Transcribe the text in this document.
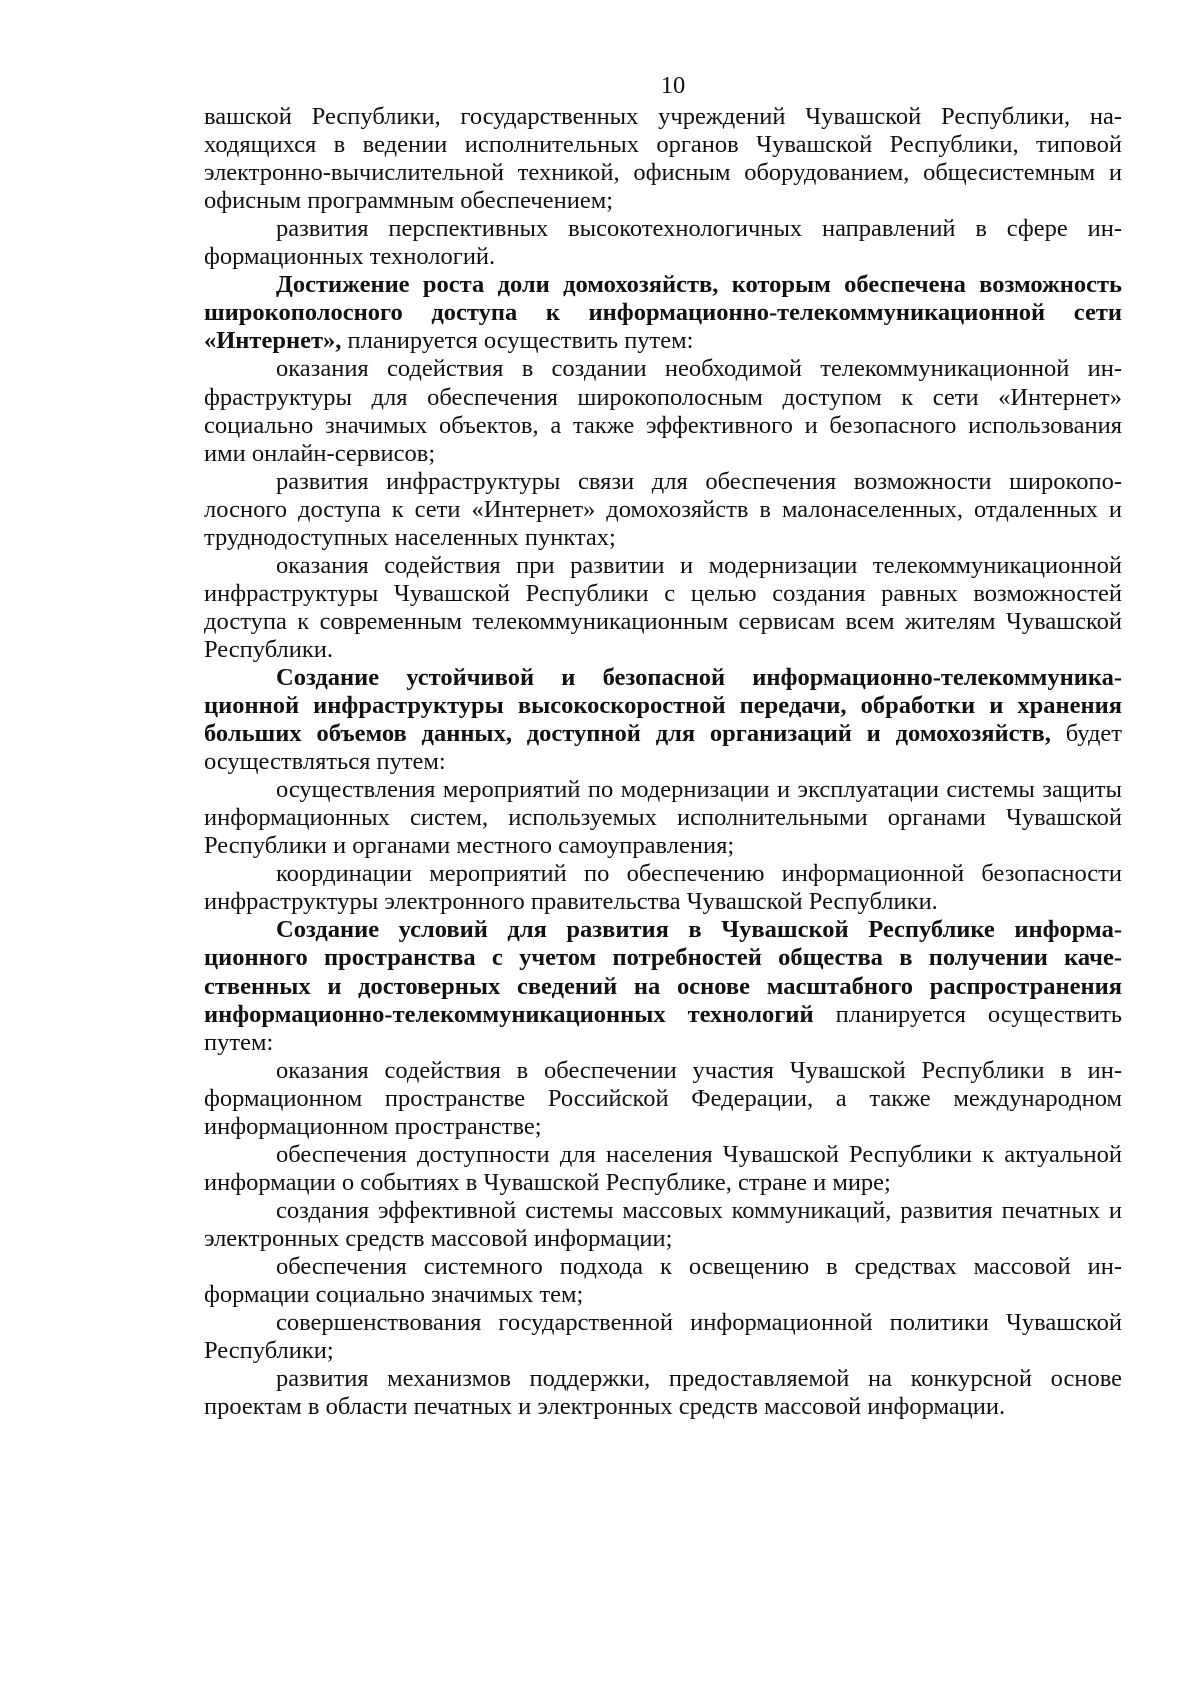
10

вашской Республики, государственных учреждений Чувашской Республики, находящихся в ведении исполнительных органов Чувашской Республики, типовой электронно-вычислительной техникой, офисным оборудованием, общесистемным и офисным программным обеспечением;

развития перспективных высокотехнологичных направлений в сфере информационных технологий.

Достижение роста доли домохозяйств, которым обеспечена возможность широкополосного доступа к информационно-телекоммуникационной сети «Интернет», планируется осуществить путем:

оказания содействия в создании необходимой телекоммуникационной инфраструктуры для обеспечения широкополосным доступом к сети «Интернет» социально значимых объектов, а также эффективного и безопасного использования ими онлайн-сервисов;

развития инфраструктуры связи для обеспечения возможности широкополосного доступа к сети «Интернет» домохозяйств в малонаселенных, отдаленных и труднодоступных населенных пунктах;

оказания содействия при развитии и модернизации телекоммуникационной инфраструктуры Чувашской Республики с целью создания равных возможностей доступа к современным телекоммуникационным сервисам всем жителям Чувашской Республики.

Создание устойчивой и безопасной информационно-телекоммуникационной инфраструктуры высокоскоростной передачи, обработки и хранения больших объемов данных, доступной для организаций и домохозяйств, будет осуществляться путем:

осуществления мероприятий по модернизации и эксплуатации системы защиты информационных систем, используемых исполнительными органами Чувашской Республики и органами местного самоуправления;

координации мероприятий по обеспечению информационной безопасности инфраструктуры электронного правительства Чувашской Республики.

Создание условий для развития в Чувашской Республике информационного пространства с учетом потребностей общества в получении качественных и достоверных сведений на основе масштабного распространения информационно-телекоммуникационных технологий планируется осуществить путем:

оказания содействия в обеспечении участия Чувашской Республики в информационном пространстве Российской Федерации, а также международном информационном пространстве;

обеспечения доступности для населения Чувашской Республики к актуальной информации о событиях в Чувашской Республике, стране и мире;

создания эффективной системы массовых коммуникаций, развития печатных и электронных средств массовой информации;

обеспечения системного подхода к освещению в средствах массовой информации социально значимых тем;

совершенствования государственной информационной политики Чувашской Республики;

развития механизмов поддержки, предоставляемой на конкурсной основе проектам в области печатных и электронных средств массовой информации.
